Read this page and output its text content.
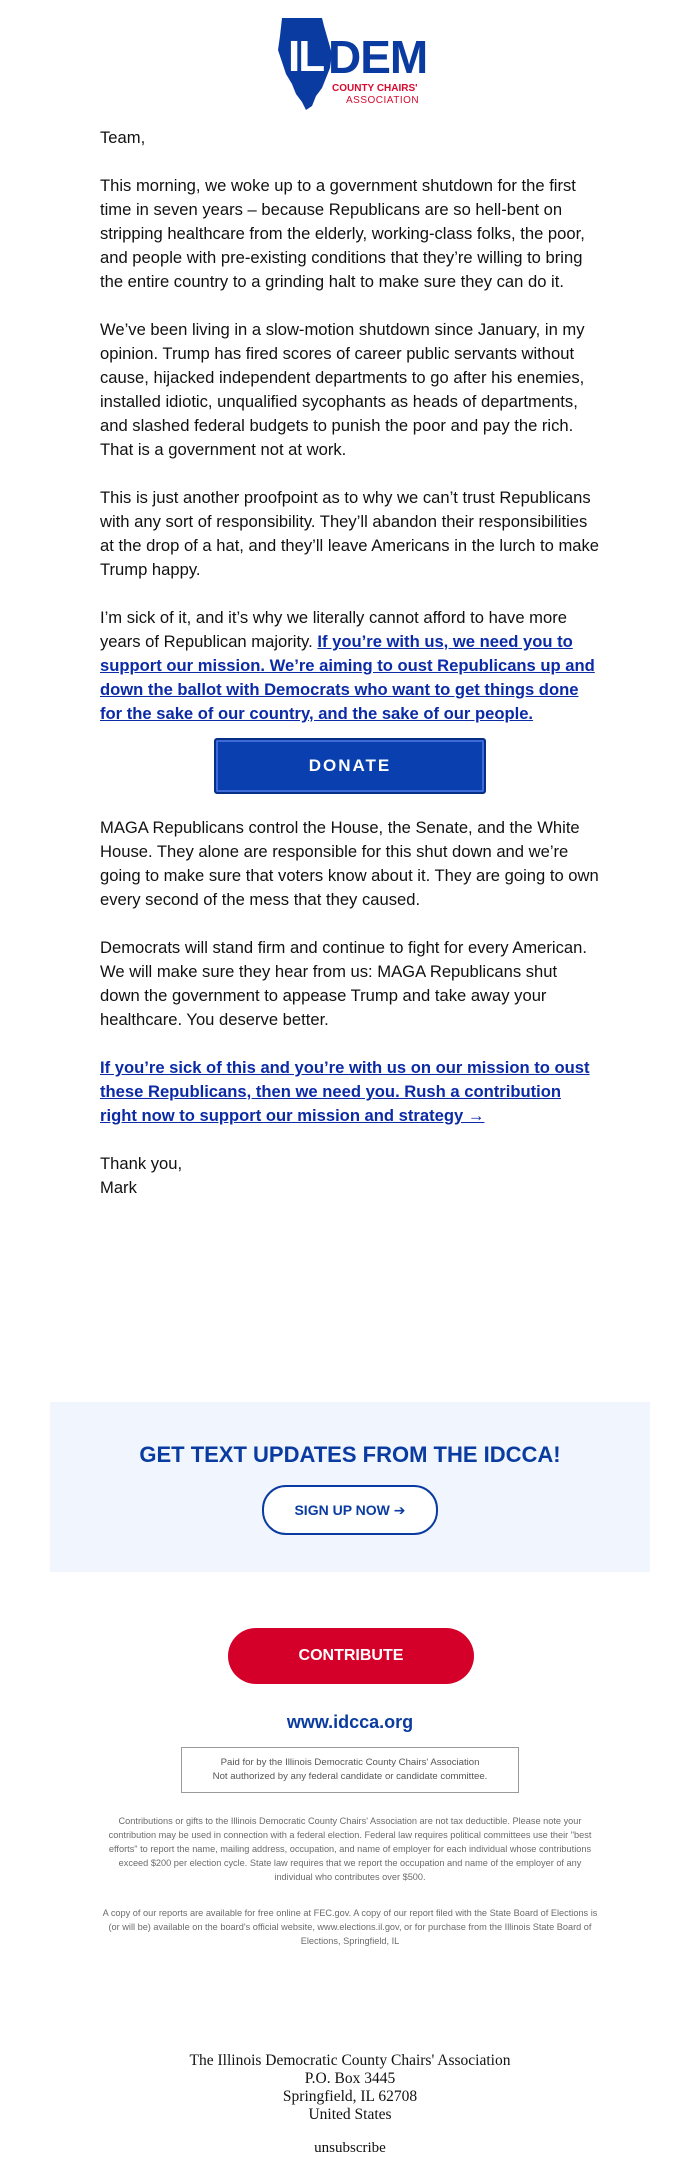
IL DEM
COUNTY CHAIRS'
ASSOCIATION

Team,

This morning, we woke up to a government shutdown for the first time in seven years – because Republicans are so hell-bent on stripping healthcare from the elderly, working-class folks, the poor, and people with pre-existing conditions that they’re willing to bring the entire country to a grinding halt to make sure they can do it.

We’ve been living in a slow-motion shutdown since January, in my opinion. Trump has fired scores of career public servants without cause, hijacked independent departments to go after his enemies, installed idiotic, unqualified sycophants as heads of departments, and slashed federal budgets to punish the poor and pay the rich. That is a government not at work.

This is just another proofpoint as to why we can’t trust Republicans with any sort of responsibility. They’ll abandon their responsibilities at the drop of a hat, and they’ll leave Americans in the lurch to make Trump happy.

I’m sick of it, and it’s why we literally cannot afford to have more years of Republican majority. If you’re with us, we need you to support our mission. We’re aiming to oust Republicans up and down the ballot with Democrats who want to get things done for the sake of our country, and the sake of our people.

DONATE

MAGA Republicans control the House, the Senate, and the White House. They alone are responsible for this shut down and we’re going to make sure that voters know about it. They are going to own every second of the mess that they caused.

Democrats will stand firm and continue to fight for every American. We will make sure they hear from us: MAGA Republicans shut down the government to appease Trump and take away your healthcare. You deserve better.

If you’re sick of this and you’re with us on our mission to oust these Republicans, then we need you. Rush a contribution right now to support our mission and strategy →

Thank you,
Mark

GET TEXT UPDATES FROM THE IDCCA!
SIGN UP NOW ➔
CONTRIBUTE
www.idcca.org
Paid for by the Illinois Democratic County Chairs' Association
Not authorized by any federal candidate or candidate committee.
Contributions or gifts to the Illinois Democratic County Chairs' Association are not tax deductible. Please note your contribution may be used in connection with a federal election. Federal law requires political committees use their "best efforts" to report the name, mailing address, occupation, and name of employer for each individual whose contributions exceed $200 per election cycle. State law requires that we report the occupation and name of the employer of any individual who contributes over $500.
A copy of our reports are available for free online at FEC.gov. A copy of our report filed with the State Board of Elections is (or will be) available on the board's official website, www.elections.il.gov, or for purchase from the Illinois State Board of Elections, Springfield, IL
The Illinois Democratic County Chairs' Association
P.O. Box 3445
Springfield, IL 62708
United States
unsubscribe
